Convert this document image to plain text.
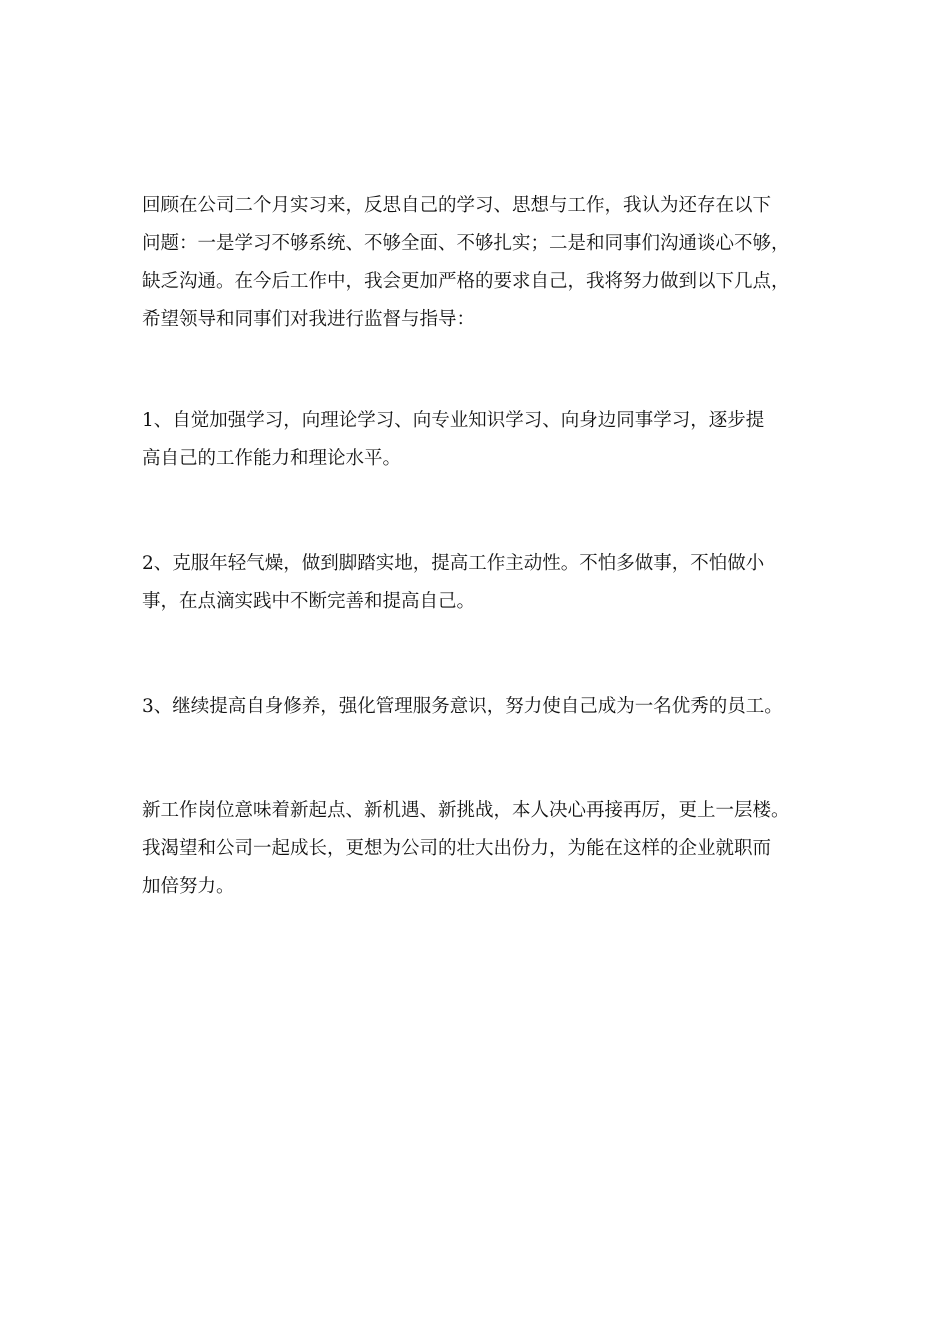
回顾在公司二个月实习来，反思自己的学习、思想与工作，我认为还存在以下
问题：一是学习不够系统、不够全面、不够扎实；二是和同事们沟通谈心不够，
缺乏沟通。在今后工作中，我会更加严格的要求自己，我将努力做到以下几点，
希望领导和同事们对我进行监督与指导：
1、自觉加强学习，向理论学习、向专业知识学习、向身边同事学习，逐步提
高自己的工作能力和理论水平。
2、克服年轻气燥，做到脚踏实地，提高工作主动性。不怕多做事，不怕做小
事，在点滴实践中不断完善和提高自己。
3、继续提高自身修养，强化管理服务意识，努力使自己成为一名优秀的员工。
新工作岗位意味着新起点、新机遇、新挑战，本人决心再接再厉，更上一层楼。
我渴望和公司一起成长，更想为公司的壮大出份力，为能在这样的企业就职而
加倍努力。
